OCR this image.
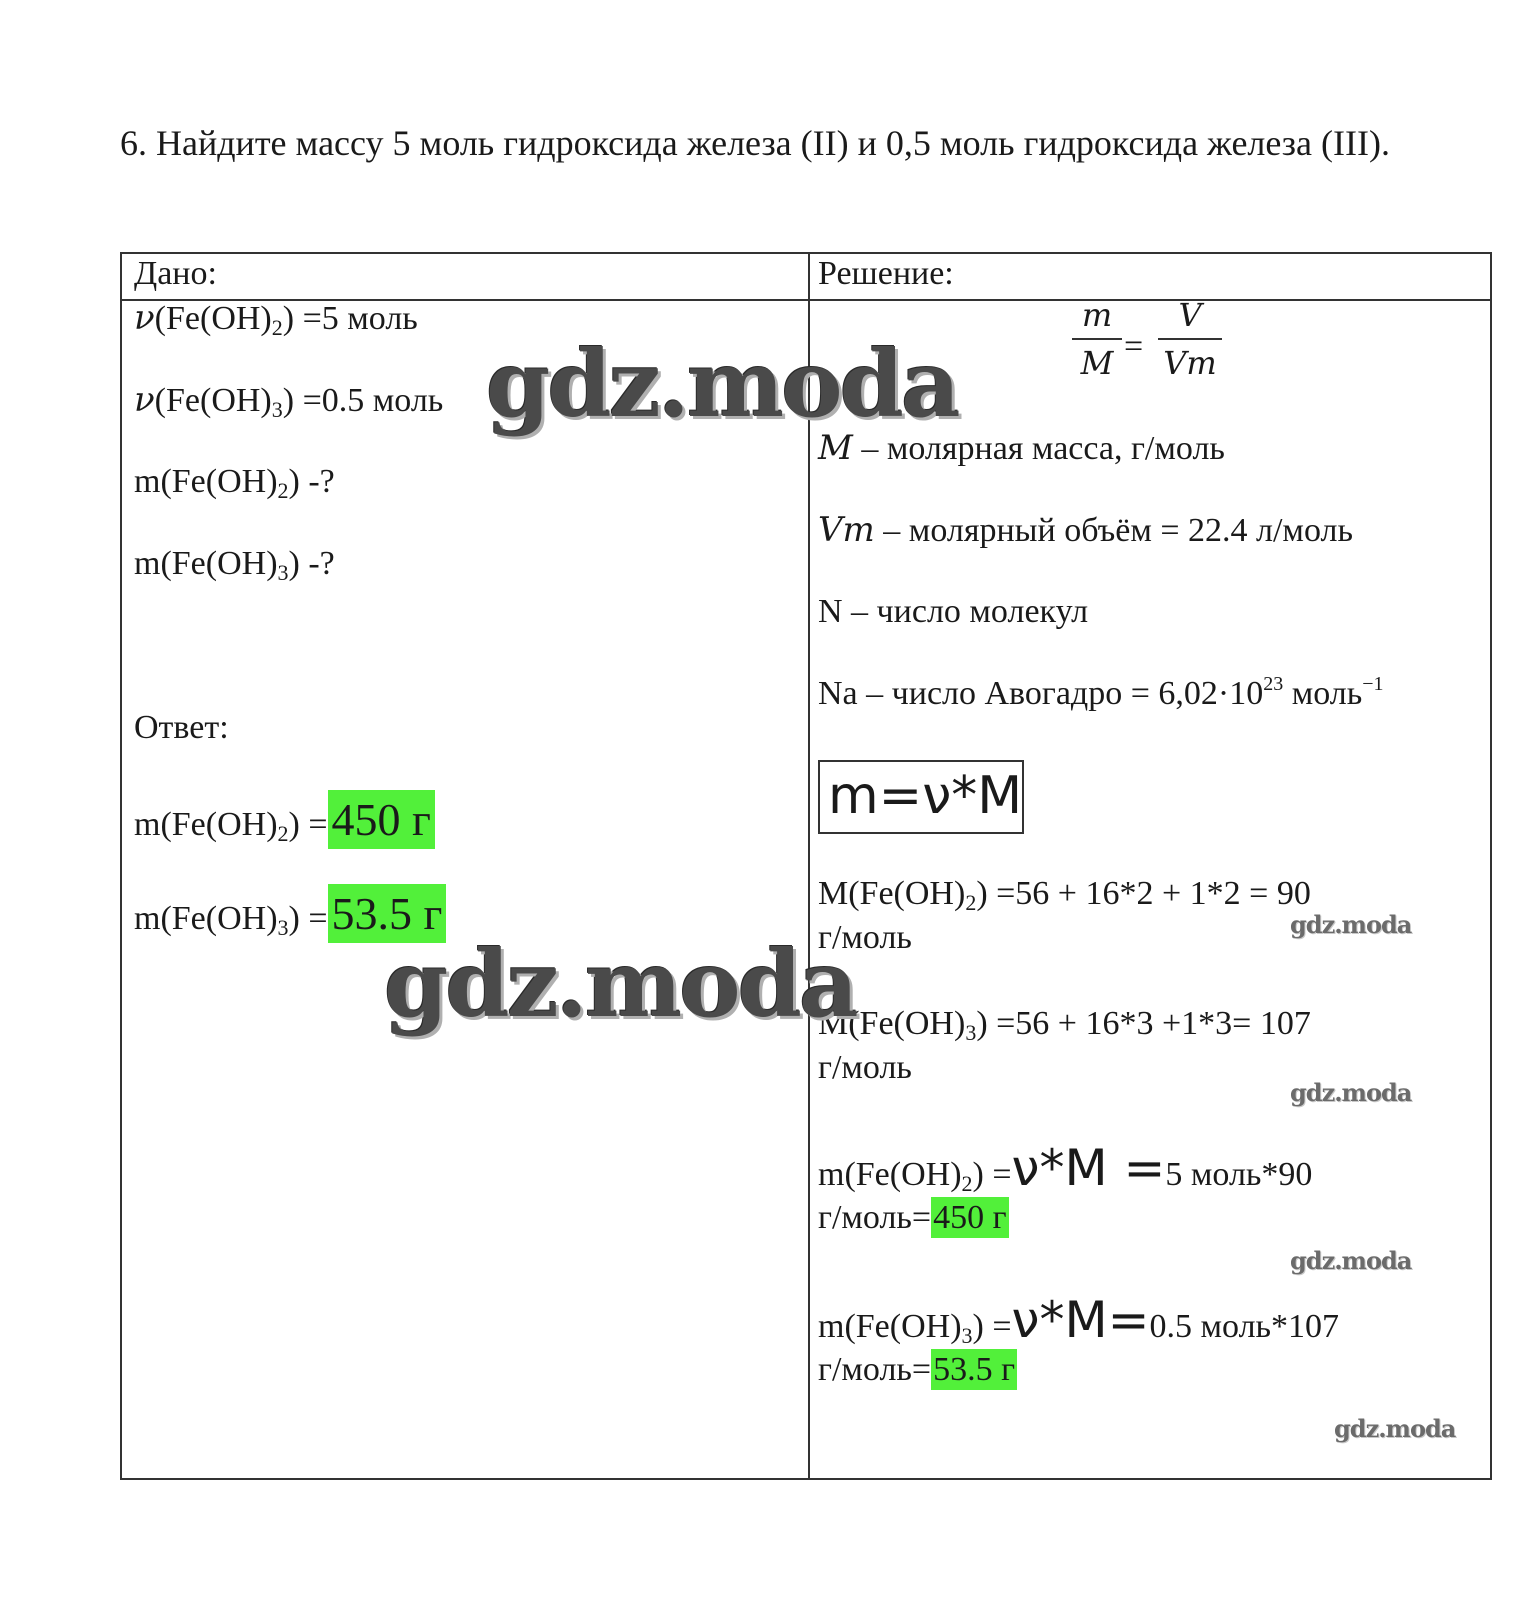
6. Найдите массу 5 моль гидроксида железа (II) и 0,5 моль гидроксида железа (III).
Дано:
$\nu(Fe(OH)_2) =5$ моль
$\nu(Fe(OH)_3) =0.5$ моль
$m(Fe(OH)_2)$ -?
$m(Fe(OH)_3)$ -?
Ответ:
$m(Fe(OH)_2) =450$ г
$m(Fe(OH)_3) =53.5$ г
Решение:
$\frac{m}{M} = \frac{V}{Vm}$
M – молярная масса, г/моль
Vm – молярный объём = 22.4 л/моль
N – число молекул
Na – число Авогадро = $6,02\cdot 10^{23}$ моль$^{-1}$
m=ν*M
$M(Fe(OH)_2) =56 + 16*2 + 1*2 = 90$
г/моль
$M(Fe(OH)_3) =56 + 16*3 +1*3= 107$
г/моль
$m(Fe(OH)_2) =\nu*M =5$ моль*90
г/моль=450 г
$m(Fe(OH)_3) =\nu*M=0.5$ моль*107
г/моль=53.5 г
gdz.moda
gdz.moda
gdz.moda
gdz.moda
gdz.moda
gdz.moda
